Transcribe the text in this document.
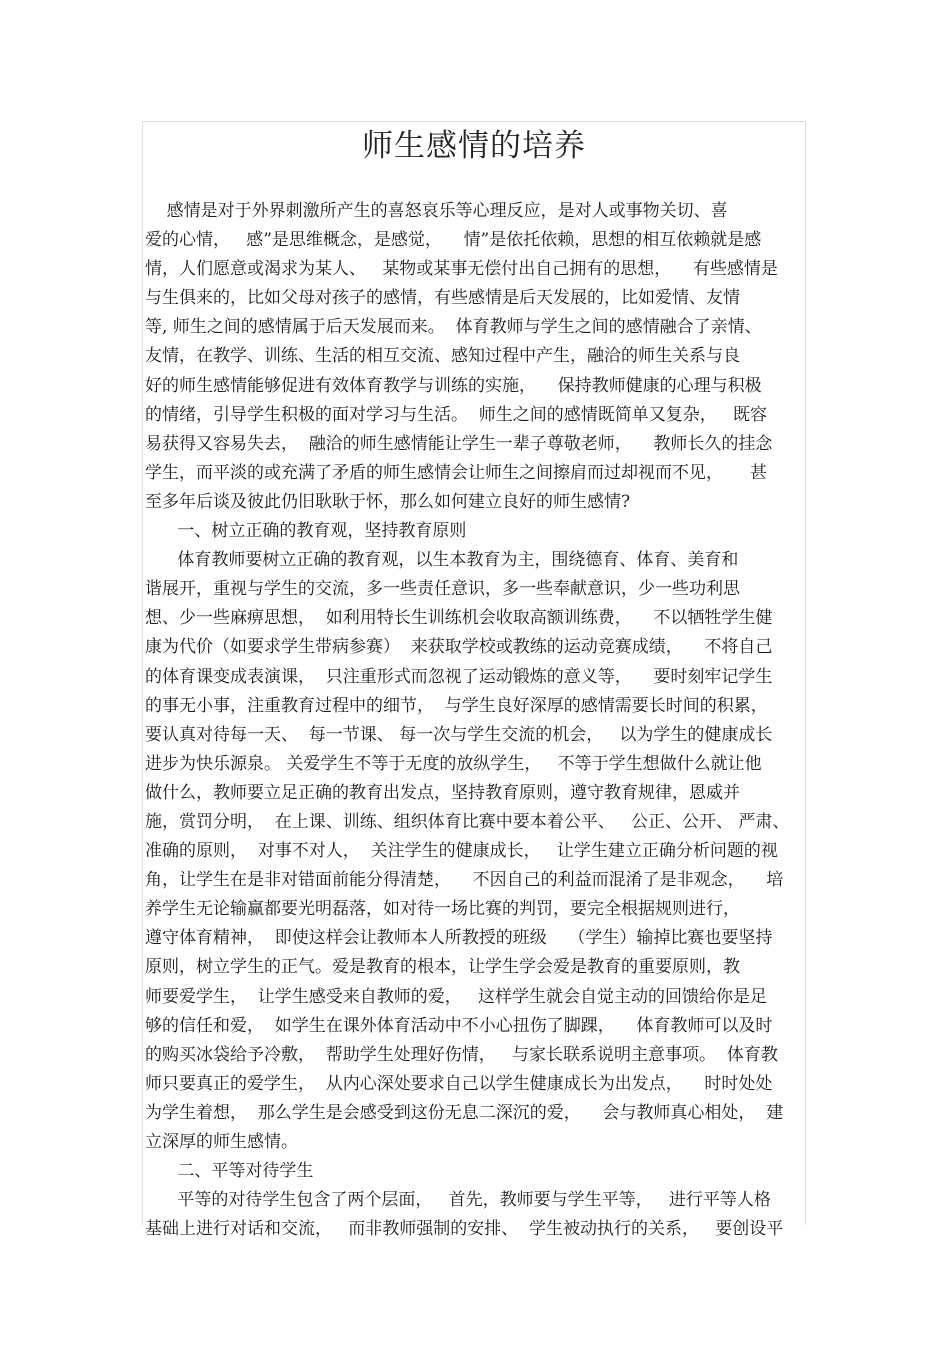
师生感情的培养
感情是对于外界刺激所产生的喜怒哀乐等心理反应，是对人或事物关切、喜
爱的心情，   感”是思维概念，是感觉，    情”是依托依赖，思想的相互依赖就是感
情，人们愿意或渴求为某人、   某物或某事无偿付出自己拥有的思想，    有些感情是
与生俱来的，比如父母对孩子的感情，有些感情是后天发展的，比如爱情、友情
等, 师生之间的感情属于后天发展而来。  体育教师与学生之间的感情融合了亲情、
友情，在教学、训练、生活的相互交流、感知过程中产生，融洽的师生关系与良
好的师生感情能够促进有效体育教学与训练的实施，    保持教师健康的心理与积极
的情绪，引导学生积极的面对学习与生活。  师生之间的感情既简单又复杂，   既容
易获得又容易失去，  融洽的师生感情能让学生一辈子尊敬老师，    教师长久的挂念
学生，而平淡的或充满了矛盾的师生感情会让师生之间擦肩而过却视而不见，     甚
至多年后谈及彼此仍旧耿耿于怀，那么如何建立良好的师生感情?
一、树立正确的教育观，坚持教育原则
体育教师要树立正确的教育观，以生本教育为主，围绕德育、体育、美育和
谐展开，重视与学生的交流，多一些责任意识，多一些奉献意识，少一些功利思
想、少一些麻痹思想，  如利用特长生训练机会收取高额训练费，    不以牺牲学生健
康为代价（如要求学生带病参赛）  来获取学校或教练的运动竞赛成绩，    不将自己
的体育课变成表演课，  只注重形式而忽视了运动锻炼的意义等，    要时刻牢记学生
的事无小事，注重教育过程中的细节，  与学生良好深厚的感情需要长时间的积累，
要认真对待每一天、  每一节课、 每一次与学生交流的机会，   以为学生的健康成长
进步为快乐源泉。 关爱学生不等于无度的放纵学生，   不等于学生想做什么就让他
做什么，教师要立足正确的教育出发点，坚持教育原则，遵守教育规律，恩威并
施，赏罚分明，  在上课、训练、组织体育比赛中要本着公平、   公正、公开、 严肃、
准确的原则，  对事不对人，  关注学生的健康成长，   让学生建立正确分析问题的视
角，让学生在是非对错面前能分得清楚，    不因自己的利益而混淆了是非观念，    培
养学生无论输赢都要光明磊落，如对待一场比赛的判罚，要完全根据规则进行，
遵守体育精神，  即使这样会让教师本人所教授的班级    （学生）输掉比赛也要坚持
原则，树立学生的正气。爱是教育的根本，让学生学会爱是教育的重要原则，教
师要爱学生，  让学生感受来自教师的爱，   这样学生就会自觉主动的回馈给你是足
够的信任和爱，  如学生在课外体育活动中不小心扭伤了脚踝，    体育教师可以及时
的购买冰袋给予冷敷，  帮助学生处理好伤情，   与家长联系说明主意事项。  体育教
师只要真正的爱学生，  从内心深处要求自己以学生健康成长为出发点，    时时处处
为学生着想，  那么学生是会感受到这份无息二深沉的爱，    会与教师真心相处，  建
立深厚的师生感情。
二、平等对待学生
平等的对待学生包含了两个层面，   首先，教师要与学生平等，   进行平等人格
基础上进行对话和交流，   而非教师强制的安排、  学生被动执行的关系，   要创设平
